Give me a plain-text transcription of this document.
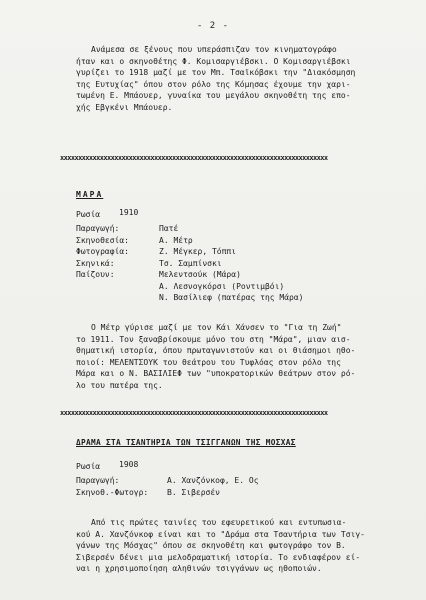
- 2 -
Ανάμεσα σε ξένους που υπεράσπιζαν τον κινηματογράφο
ήταν και ο σκηνοθέτης Φ. Κομισαργιέβσκι. Ο Κομισαργιέβσκι
γυρίζει το 1918 μαζί με τον Μπ. Τσαϊκόβσκι την "Διακόσμηση
της Ευτυχίας" όπου στον ρόλο της Κόμησας έχουμε την χαρι-
τωμένη Ε. Μπάουερ, γυναίκα του μεγάλου σκηνοθέτη της επο-
χής Εβγκένι Μπάουερ.
xxxxxxxxxxxxxxxxxxxxxxxxxxxxxxxxxxxxxxxxxxxxxxxxxxxxxxxxxxxxxxxxxxxxxxxxxx
ΜΑΡΑ
Ρωσία 1910
Παραγωγή:	Πατέ
Σκηνοθεσία:	Α. Μέτρ
Φωτογραφία:	Ζ. Μέγκερ, Τόππι
Σκηνικά:	Τσ. Σαμπίνσκι
Παίζουν:	Μελεντσούκ (Μάρα)
Α. Λεσνογκόρσι (Ροντιμβόι)
Ν. Βασίλιεφ (πατέρας της Μάρα)
Ο Μέτρ γύρισε μαζί με τον Κάι Χάνσεν το "Για τη Ζωή"
το 1911. Τον ξαναβρίσκουμε μόνο του στη "Μάρα", μιαν αισ-
θηματική ιστορία, όπου πρωταγωνιστούν και οι θιάσημοι ηθο-
ποιοί: ΜΕΛΕΝΤΣΟΥΚ του θεάτρου του Τυφλόας στον ρόλο της
Μάρα και ο Ν. ΒΑΣΙΛΙΕΦ των "υποκρατορικών θεάτρων στον ρό-
λο του πατέρα της.
xxxxxxxxxxxxxxxxxxxxxxxxxxxxxxxxxxxxxxxxxxxxxxxxxxxxxxxxxxxxxxxxxxxxxxxxxx
ΔΡΑΜΑ ΣΤΑ ΤΣΑΝΤΗΡΙΑ ΤΩΝ ΤΣΙΓΓΑΝΩΝ ΤΗΣ ΜΟΣΧΑΣ
Ρωσία 1908
Παραγωγή:	Α. Χανζόνκοφ, Ε. Ος
Σκηνοθ.-Φωτογρ: Β. Σιβερσέν
Από τις πρώτες ταινίες του εφευρετικού και εντυπωσια-
κού Α. Χανζόνκοφ είναι και το "Δράμα στα Τσαντήρια των Τσιγ-
γάνων της Μόσχας" όπου σε σκηνοθέτη και φωτογράφο τον Β.
Σιβερσέν δένει μια μελοδραματική ιστορία. Το ενδιαφέρον εί-
ναι η χρησιμοποίηση αληθινών τσιγγάνων ως ηθοποιών.
